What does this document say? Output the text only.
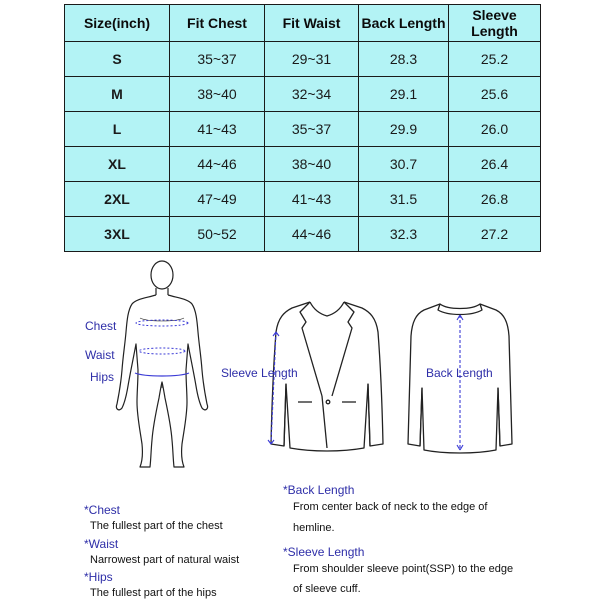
Size(inch)	Fit Chest	Fit Waist	Back Length	Sleeve Length
S	35~37	29~31	28.3	25.2
M	38~40	32~34	29.1	25.6
L	41~43	35~37	29.9	26.0
XL	44~46	38~40	30.7	26.4
2XL	47~49	41~43	31.5	26.8
3XL	50~52	44~46	32.3	27.2
Chest
Waist
Hips	Sleeve Length	Back Length
*Chest
The fullest part of the chest
*Waist
Narrowest part of natural waist
*Hips
The fullest part of the hips
*Back Length
From center back of neck to the edge of
hemline.
*Sleeve Length
From shoulder sleeve point(SSP) to the edge
of sleeve cuff.
